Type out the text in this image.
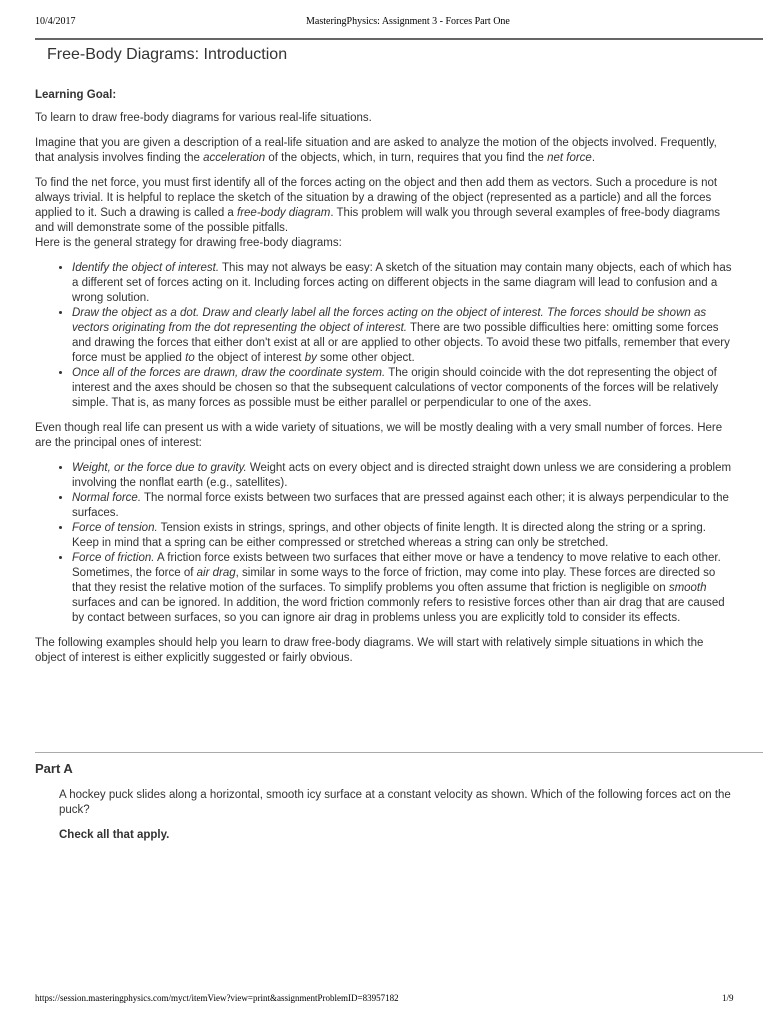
10/4/2017	MasteringPhysics: Assignment 3 - Forces Part One
Free-Body Diagrams: Introduction
Learning Goal:

To learn to draw free-body diagrams for various real-life situations.

Imagine that you are given a description of a real-life situation and are asked to analyze the motion of the objects involved. Frequently, that analysis involves finding the acceleration of the objects, which, in turn, requires that you find the net force.

To find the net force, you must first identify all of the forces acting on the object and then add them as vectors. Such a procedure is not always trivial. It is helpful to replace the sketch of the situation by a drawing of the object (represented as a particle) and all the forces applied to it. Such a drawing is called a free-body diagram. This problem will walk you through several examples of free-body diagrams and will demonstrate some of the possible pitfalls.

Here is the general strategy for drawing free-body diagrams:

• Identify the object of interest. This may not always be easy: A sketch of the situation may contain many objects, each of which has a different set of forces acting on it. Including forces acting on different objects in the same diagram will lead to confusion and a wrong solution.
• Draw the object as a dot. Draw and clearly label all the forces acting on the object of interest. The forces should be shown as vectors originating from the dot representing the object of interest. There are two possible difficulties here: omitting some forces and drawing the forces that either don't exist at all or are applied to other objects. To avoid these two pitfalls, remember that every force must be applied to the object of interest by some other object.
• Once all of the forces are drawn, draw the coordinate system. The origin should coincide with the dot representing the object of interest and the axes should be chosen so that the subsequent calculations of vector components of the forces will be relatively simple. That is, as many forces as possible must be either parallel or perpendicular to one of the axes.

Even though real life can present us with a wide variety of situations, we will be mostly dealing with a very small number of forces. Here are the principal ones of interest:

• Weight, or the force due to gravity. Weight acts on every object and is directed straight down unless we are considering a problem involving the nonflat earth (e.g., satellites).
• Normal force. The normal force exists between two surfaces that are pressed against each other; it is always perpendicular to the surfaces.
• Force of tension. Tension exists in strings, springs, and other objects of finite length. It is directed along the string or a spring. Keep in mind that a spring can be either compressed or stretched whereas a string can only be stretched.
• Force of friction. A friction force exists between two surfaces that either move or have a tendency to move relative to each other. Sometimes, the force of air drag, similar in some ways to the force of friction, may come into play. These forces are directed so that they resist the relative motion of the surfaces. To simplify problems you often assume that friction is negligible on smooth surfaces and can be ignored. In addition, the word friction commonly refers to resistive forces other than air drag that are caused by contact between surfaces, so you can ignore air drag in problems unless you are explicitly told to consider its effects.

The following examples should help you learn to draw free-body diagrams. We will start with relatively simple situations in which the object of interest is either explicitly suggested or fairly obvious.

Part A
A hockey puck slides along a horizontal, smooth icy surface at a constant velocity as shown. Which of the following forces act on the puck?
Check all that apply.
https://session.masteringphysics.com/myct/itemView?view=print&assignmentProblemID=83957182	1/9
